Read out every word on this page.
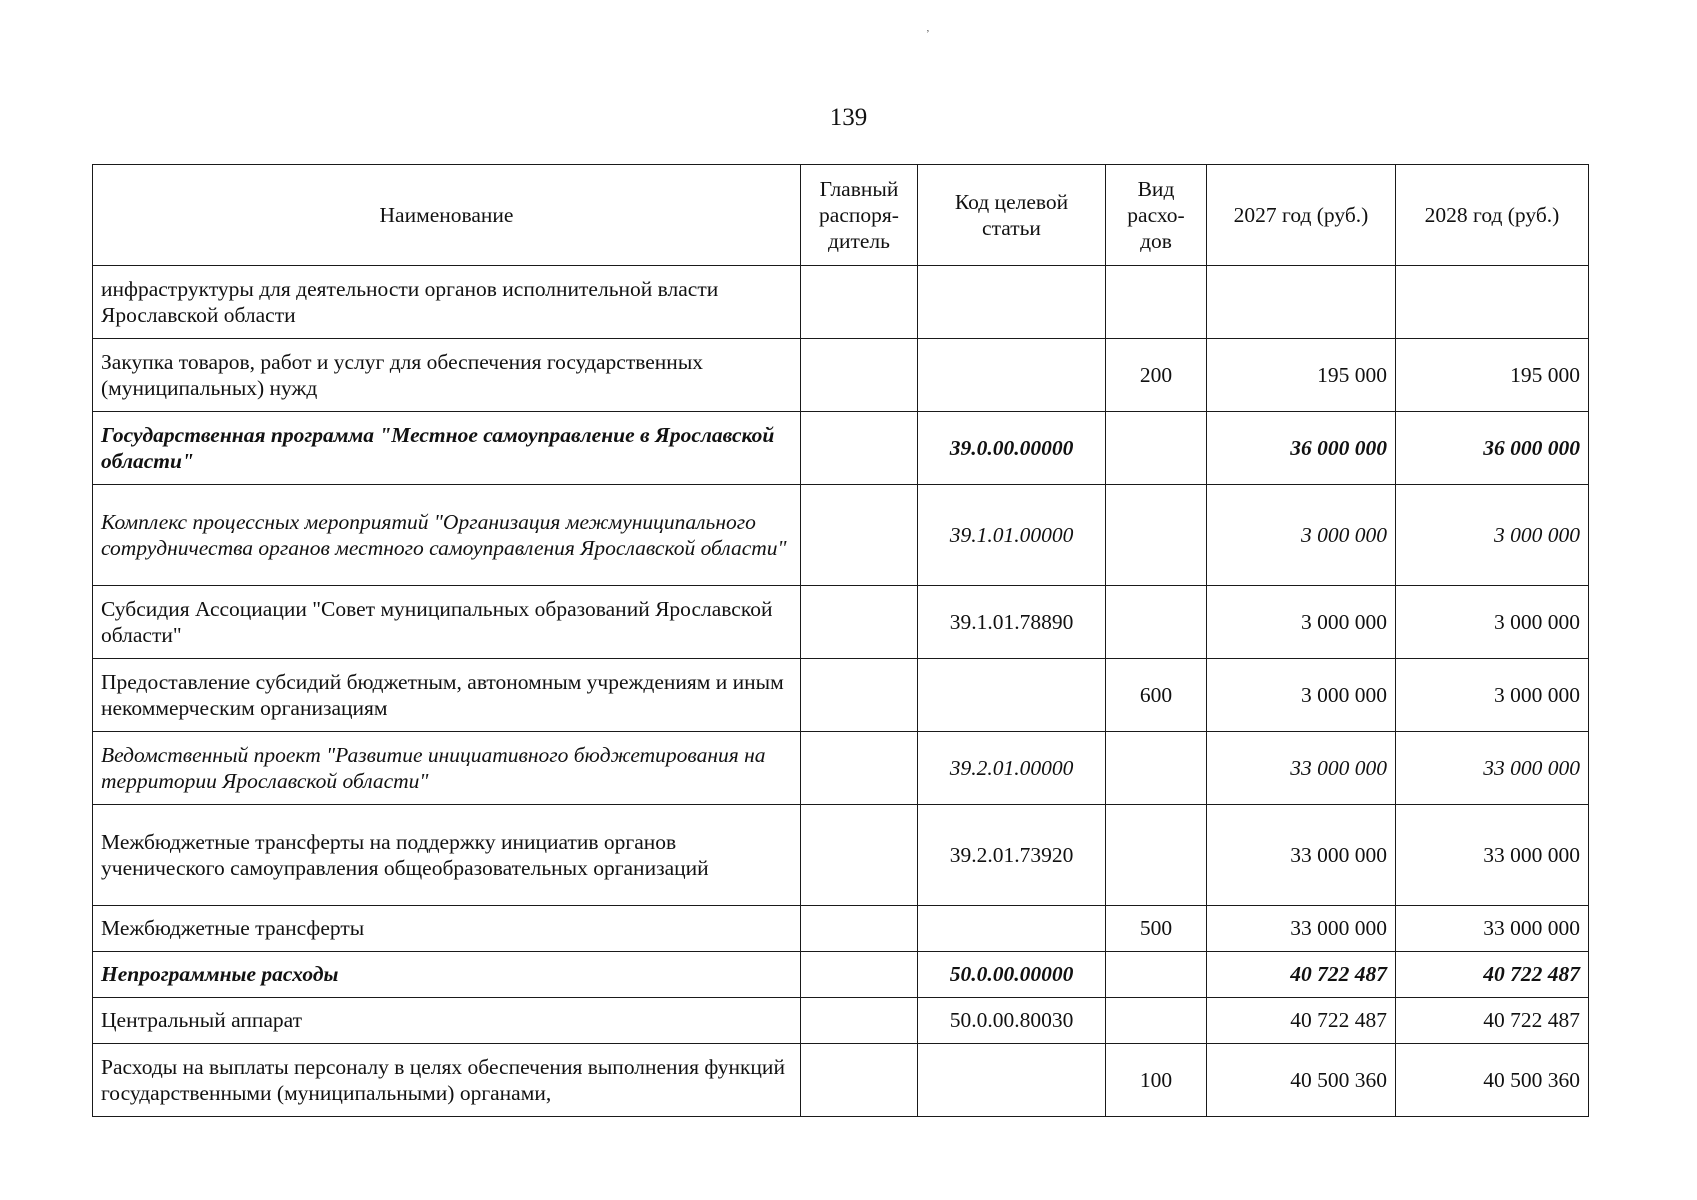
‚
139
Наименование	Главный распоря-дитель	Код целевой статьи	Вид расхо-дов	2027 год (руб.)	2028 год (руб.)
инфраструктуры для деятельности органов исполнительной власти Ярославской области					
Закупка товаров, работ и услуг для обеспечения государственных (муниципальных) нужд			200	195 000	195 000
Государственная программа "Местное самоуправление в Ярославской области"		39.0.00.00000		36 000 000	36 000 000
Комплекс процессных мероприятий "Организация межмуниципального сотрудничества органов местного самоуправления Ярославской области"		39.1.01.00000		3 000 000	3 000 000
Субсидия Ассоциации "Совет муниципальных образований Ярославской области"		39.1.01.78890		3 000 000	3 000 000
Предоставление субсидий бюджетным, автономным учреждениям и иным некоммерческим организациям			600	3 000 000	3 000 000
Ведомственный проект "Развитие инициативного бюджетирования на территории Ярославской области"		39.2.01.00000		33 000 000	33 000 000
Межбюджетные трансферты на поддержку инициатив органов ученического самоуправления общеобразовательных организаций		39.2.01.73920		33 000 000	33 000 000
Межбюджетные трансферты			500	33 000 000	33 000 000
Непрограммные расходы		50.0.00.00000		40 722 487	40 722 487
Центральный аппарат		50.0.00.80030		40 722 487	40 722 487
Расходы на выплаты персоналу в целях обеспечения выполнения функций государственными (муниципальными) органами,			100	40 500 360	40 500 360
